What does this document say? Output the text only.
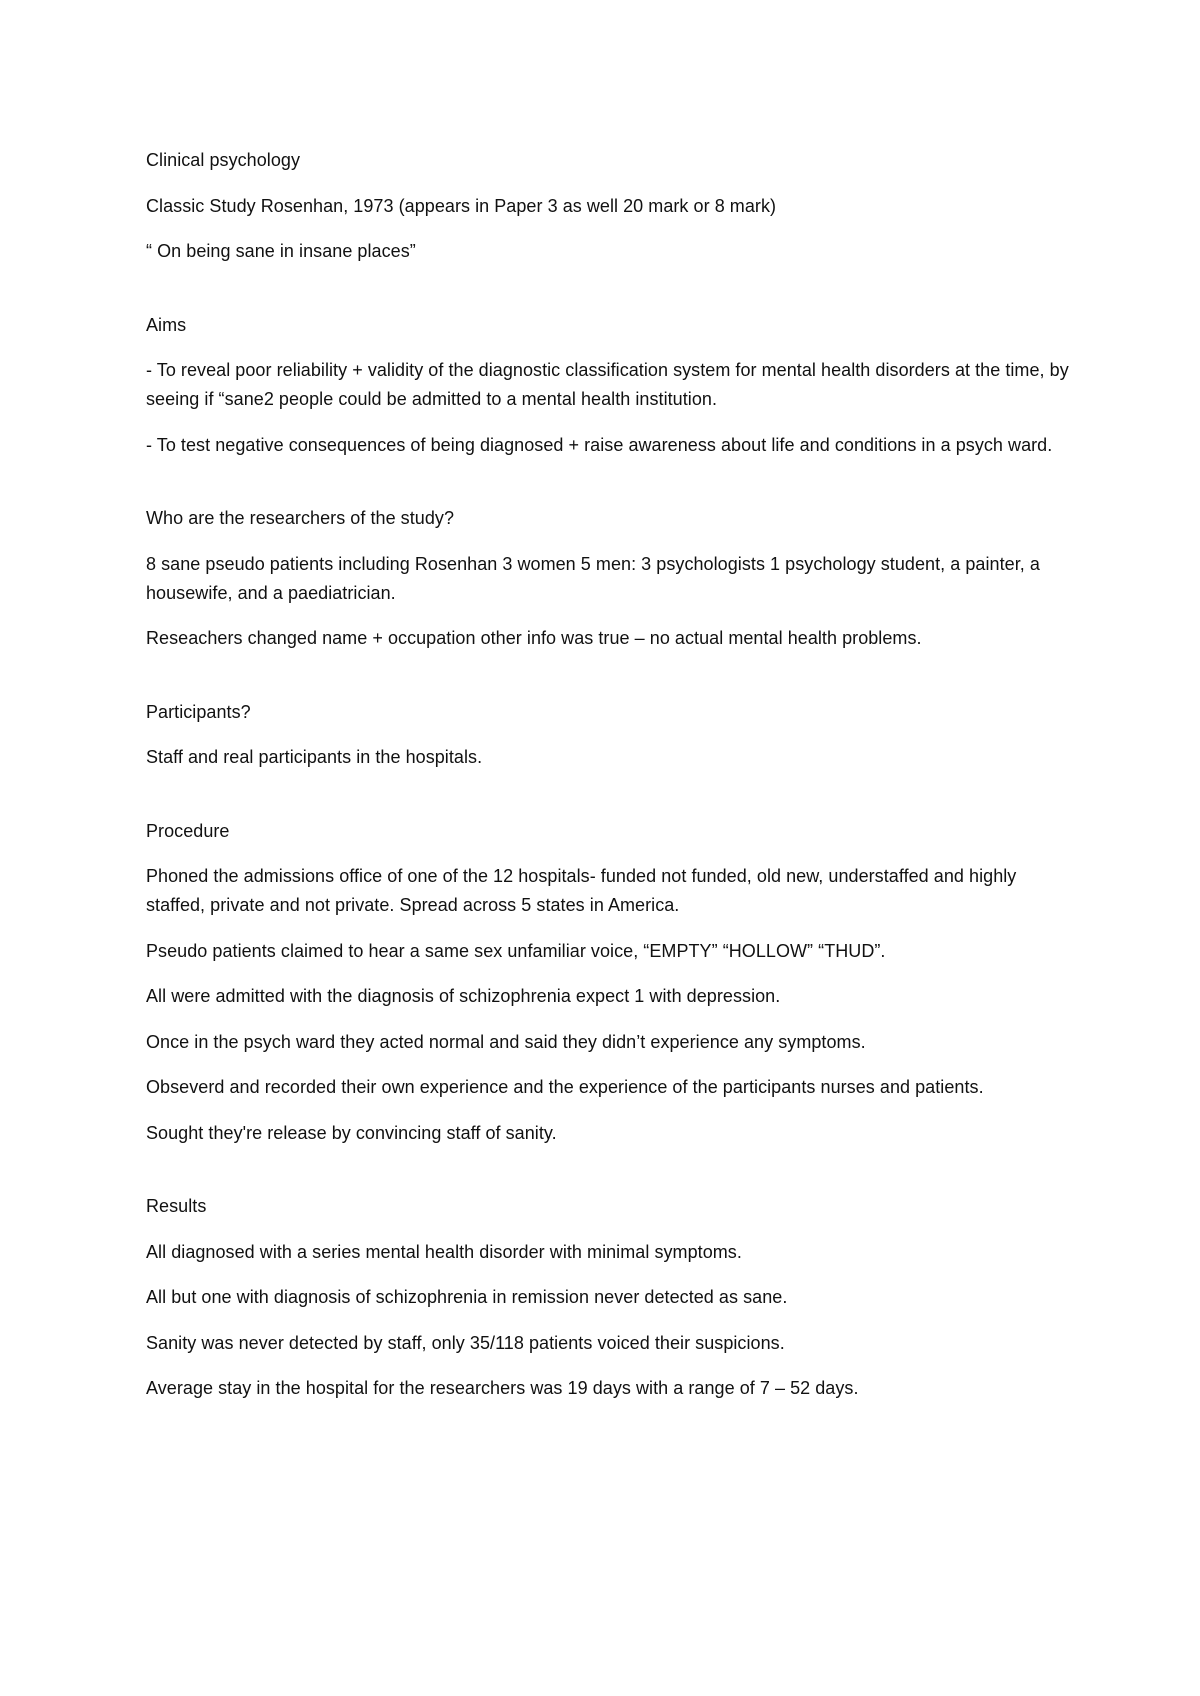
Clinical psychology

Classic Study Rosenhan, 1973 (appears in Paper 3 as well 20 mark or 8 mark)

“ On being sane in insane places”

Aims

- To reveal poor reliability + validity of the diagnostic classification system for mental health disorders at the time, by seeing if “sane2 people could be admitted to a mental health institution.

- To test negative consequences of being diagnosed + raise awareness about life and conditions in a psych ward.

Who are the researchers of the study?

8 sane pseudo patients including Rosenhan 3 women 5 men: 3 psychologists 1 psychology student, a painter, a housewife, and a paediatrician.

Reseachers changed name + occupation other info was true – no actual mental health problems.

Participants?

Staff and real participants in the hospitals.

Procedure

Phoned the admissions office of one of the 12 hospitals- funded not funded, old new, understaffed and highly staffed, private and not private. Spread across 5 states in America.

Pseudo patients claimed to hear a same sex unfamiliar voice, “EMPTY” “HOLLOW” “THUD”.

All were admitted with the diagnosis of schizophrenia expect 1 with depression.

Once in the psych ward they acted normal and said they didn’t experience any symptoms.

Obseverd and recorded their own experience and the experience of the participants nurses and patients.

Sought they're release by convincing staff of sanity.

Results

All diagnosed with a series mental health disorder with minimal symptoms.

All but one with diagnosis of schizophrenia in remission never detected as sane.

Sanity was never detected by staff, only 35/118 patients voiced their suspicions.

Average stay in the hospital for the researchers was 19 days with a range of 7 – 52 days.
